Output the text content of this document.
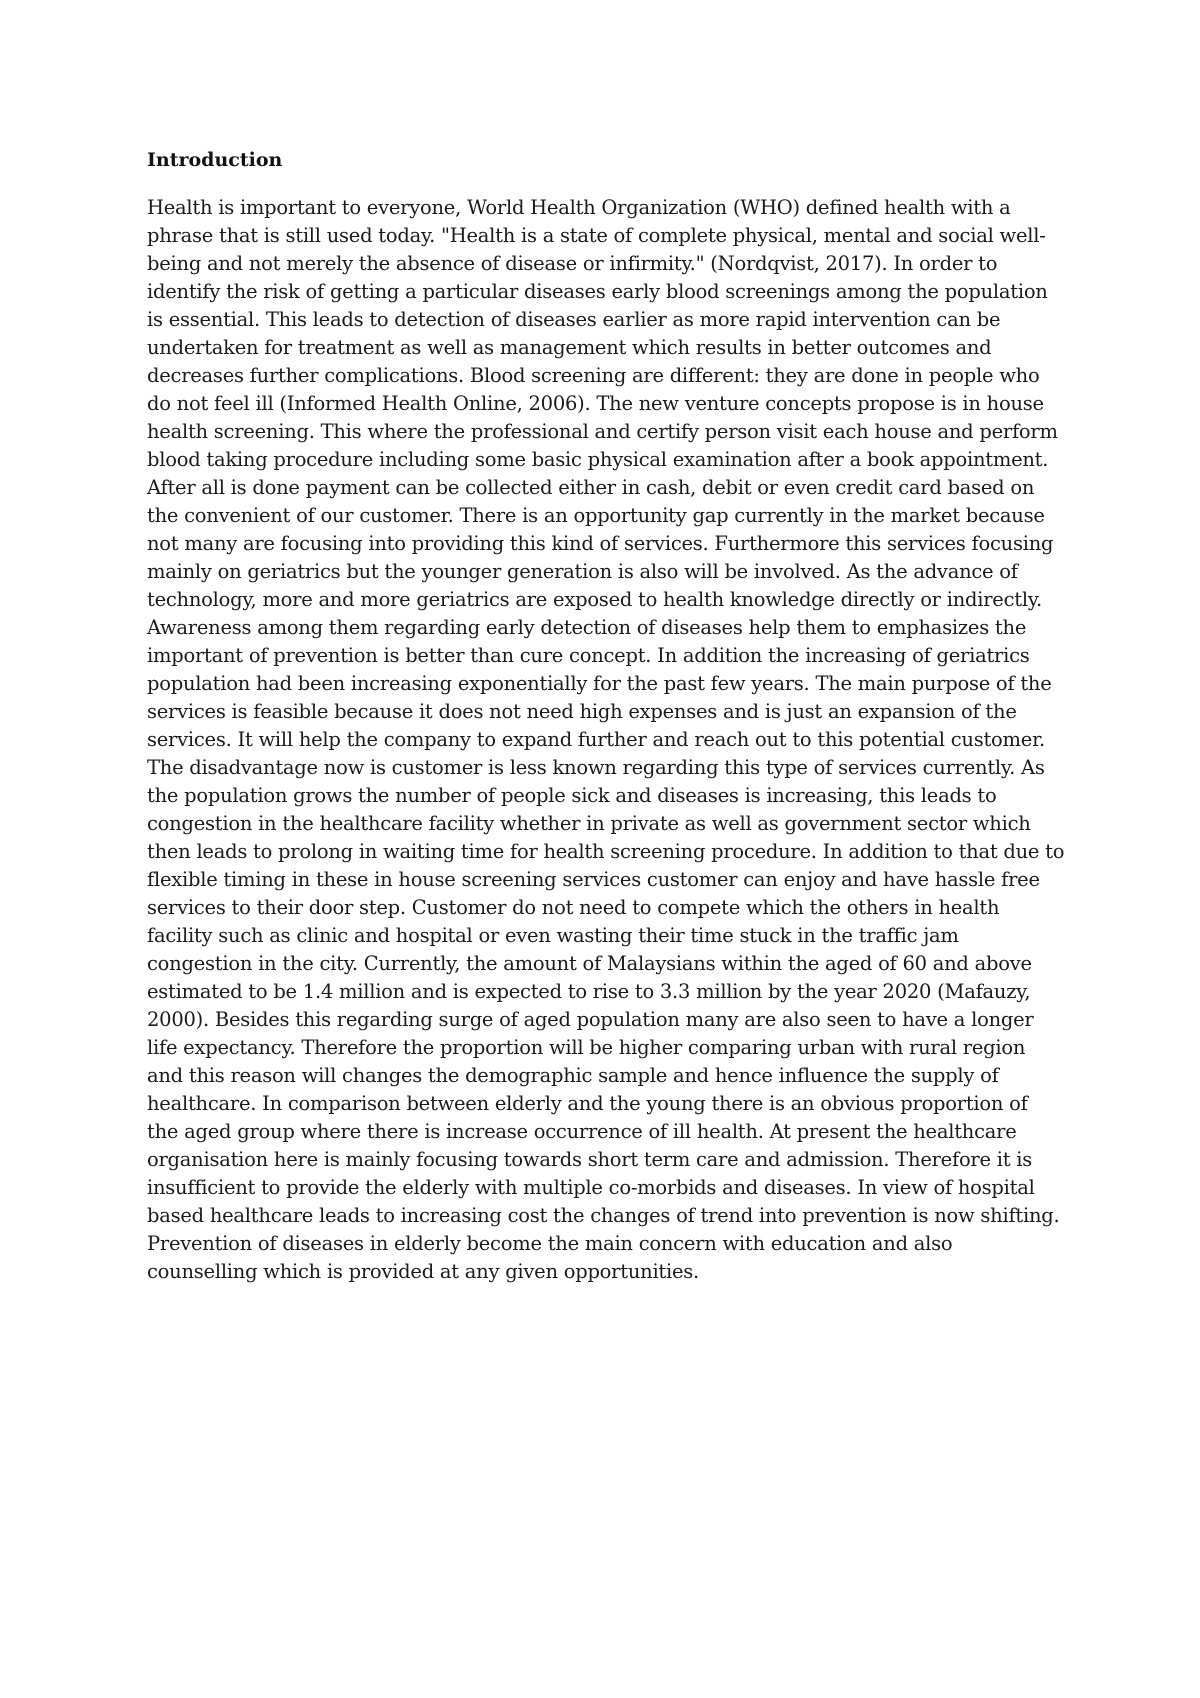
Introduction
Health is important to everyone, World Health Organization (WHO) defined health with a
phrase that is still used today. "Health is a state of complete physical, mental and social well-
being and not merely the absence of disease or infirmity." (Nordqvist, 2017). In order to
identify the risk of getting a particular diseases early blood screenings among the population
is essential. This leads to detection of diseases earlier as more rapid intervention can be
undertaken for treatment as well as management which results in better outcomes and
decreases further complications. Blood screening are different: they are done in people who
do not feel ill (Informed Health Online, 2006). The new venture concepts propose is in house
health screening. This where the professional and certify person visit each house and perform
blood taking procedure including some basic physical examination after a book appointment.
After all is done payment can be collected either in cash, debit or even credit card based on
the convenient of our customer. There is an opportunity gap currently in the market because
not many are focusing into providing this kind of services. Furthermore this services focusing
mainly on geriatrics but the younger generation is also will be involved. As the advance of
technology, more and more geriatrics are exposed to health knowledge directly or indirectly.
Awareness among them regarding early detection of diseases help them to emphasizes the
important of prevention is better than cure concept. In addition the increasing of geriatrics
population had been increasing exponentially for the past few years. The main purpose of the
services is feasible because it does not need high expenses and is just an expansion of the
services. It will help the company to expand further and reach out to this potential customer.
The disadvantage now is customer is less known regarding this type of services currently. As
the population grows the number of people sick and diseases is increasing, this leads to
congestion in the healthcare facility whether in private as well as government sector which
then leads to prolong in waiting time for health screening procedure. In addition to that due to
flexible timing in these in house screening services customer can enjoy and have hassle free
services to their door step. Customer do not need to compete which the others in health
facility such as clinic and hospital or even wasting their time stuck in the traffic jam
congestion in the city. Currently, the amount of Malaysians within the aged of 60 and above
estimated to be 1.4 million and is expected to rise to 3.3 million by the year 2020 (Mafauzy,
2000). Besides this regarding surge of aged population many are also seen to have a longer
life expectancy. Therefore the proportion will be higher comparing urban with rural region
and this reason will changes the demographic sample and hence influence the supply of
healthcare. In comparison between elderly and the young there is an obvious proportion of
the aged group where there is increase occurrence of ill health. At present the healthcare
organisation here is mainly focusing towards short term care and admission. Therefore it is
insufficient to provide the elderly with multiple co-morbids and diseases. In view of hospital
based healthcare leads to increasing cost the changes of trend into prevention is now shifting.
Prevention of diseases in elderly become the main concern with education and also
counselling which is provided at any given opportunities.
